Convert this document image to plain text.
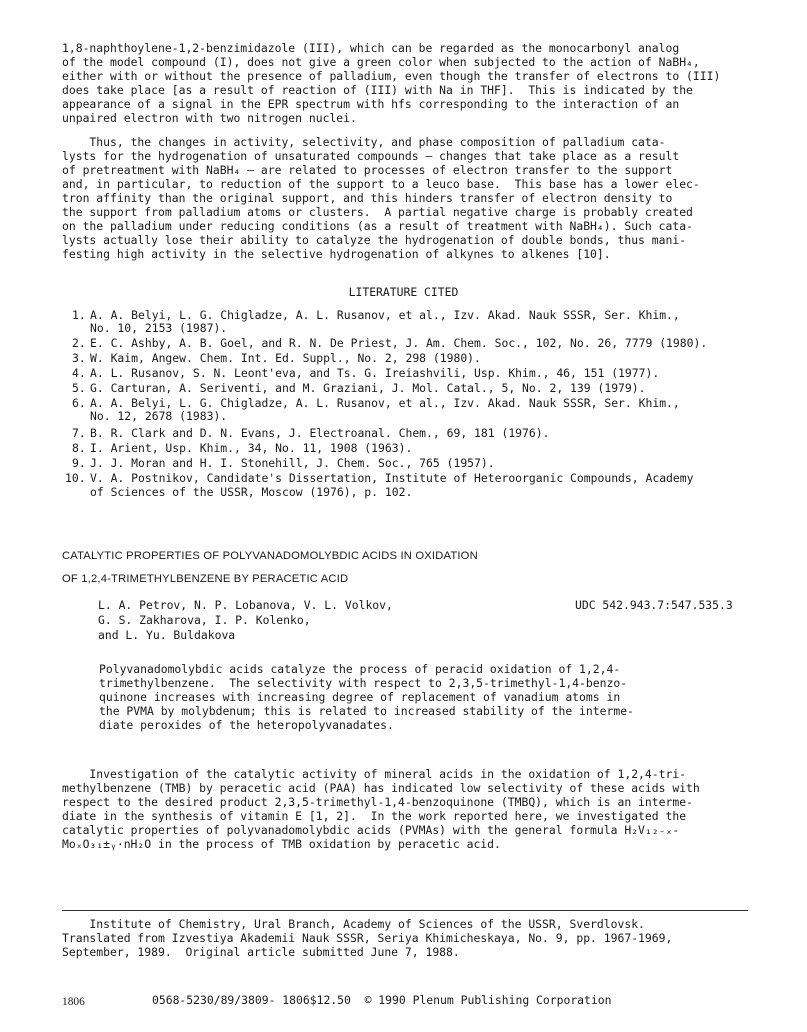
1,8-naphthoylene-1,2-benzimidazole (III), which can be regarded as the monocarbonyl analog
of the model compound (I), does not give a green color when subjected to the action of NaBH₄,
either with or without the presence of palladium, even though the transfer of electrons to (III)
does take place [as a result of reaction of (III) with Na in THF].  This is indicated by the
appearance of a signal in the EPR spectrum with hfs corresponding to the interaction of an
unpaired electron with two nitrogen nuclei.
Thus, the changes in activity, selectivity, and phase composition of palladium cata-
lysts for the hydrogenation of unsaturated compounds — changes that take place as a result
of pretreatment with NaBH₄ — are related to processes of electron transfer to the support
and, in particular, to reduction of the support to a leuco base.  This base has a lower elec-
tron affinity than the original support, and this hinders transfer of electron density to
the support from palladium atoms or clusters.  A partial negative charge is probably created
on the palladium under reducing conditions (as a result of treatment with NaBH₄). Such cata-
lysts actually lose their ability to catalyze the hydrogenation of double bonds, thus mani-
festing high activity in the selective hydrogenation of alkynes to alkenes [10].
LITERATURE CITED
1. A. A. Belyi, L. G. Chigladze, A. L. Rusanov, et al., Izv. Akad. Nauk SSSR, Ser. Khim.,
No. 10, 2153 (1987).
2. E. C. Ashby, A. B. Goel, and R. N. De Priest, J. Am. Chem. Soc., 102, No. 26, 7779 (1980).
3. W. Kaim, Angew. Chem. Int. Ed. Suppl., No. 2, 298 (1980).
4. A. L. Rusanov, S. N. Leont'eva, and Ts. G. Ireiashvili, Usp. Khim., 46, 151 (1977).
5. G. Carturan, A. Seriventi, and M. Graziani, J. Mol. Catal., 5, No. 2, 139 (1979).
6. A. A. Belyi, L. G. Chigladze, A. L. Rusanov, et al., Izv. Akad. Nauk SSSR, Ser. Khim.,
No. 12, 2678 (1983).
7. B. R. Clark and D. N. Evans, J. Electroanal. Chem., 69, 181 (1976).
8. I. Arient, Usp. Khim., 34, No. 11, 1908 (1963).
9. J. J. Moran and H. I. Stonehill, J. Chem. Soc., 765 (1957).
10. V. A. Postnikov, Candidate's Dissertation, Institute of Heteroorganic Compounds, Academy
of Sciences of the USSR, Moscow (1976), p. 102.
CATALYTIC PROPERTIES OF POLYVANADOMOLYBDIC ACIDS IN OXIDATION
OF 1,2,4-TRIMETHYLBENZENE BY PERACETIC ACID
L. A. Petrov, N. P. Lobanova, V. L. Volkov,
G. S. Zakharova, I. P. Kolenko,
and L. Yu. Buldakova
UDC 542.943.7:547.535.3
Polyvanadomolybdic acids catalyze the process of peracid oxidation of 1,2,4-
trimethylbenzene.  The selectivity with respect to 2,3,5-trimethyl-1,4-benzo-
quinone increases with increasing degree of replacement of vanadium atoms in
the PVMA by molybdenum; this is related to increased stability of the interme-
diate peroxides of the heteropolyvanadates.
Investigation of the catalytic activity of mineral acids in the oxidation of 1,2,4-tri-
methylbenzene (TMB) by peracetic acid (PAA) has indicated low selectivity of these acids with
respect to the desired product 2,3,5-trimethyl-1,4-benzoquinone (TMBQ), which is an interme-
diate in the synthesis of vitamin E [1, 2].  In the work reported here, we investigated the
catalytic properties of polyvanadomolybdic acids (PVMAs) with the general formula H₂V₁₂₋ₓ-
MoₓO₃₁±ᵧ·nH₂O in the process of TMB oxidation by peracetic acid.
Institute of Chemistry, Ural Branch, Academy of Sciences of the USSR, Sverdlovsk.
Translated from Izvestiya Akademii Nauk SSSR, Seriya Khimicheskaya, No. 9, pp. 1967-1969,
September, 1989.  Original article submitted June 7, 1988.
1806	0568-5230/89/3809- 1806$12.50  © 1990 Plenum Publishing Corporation
